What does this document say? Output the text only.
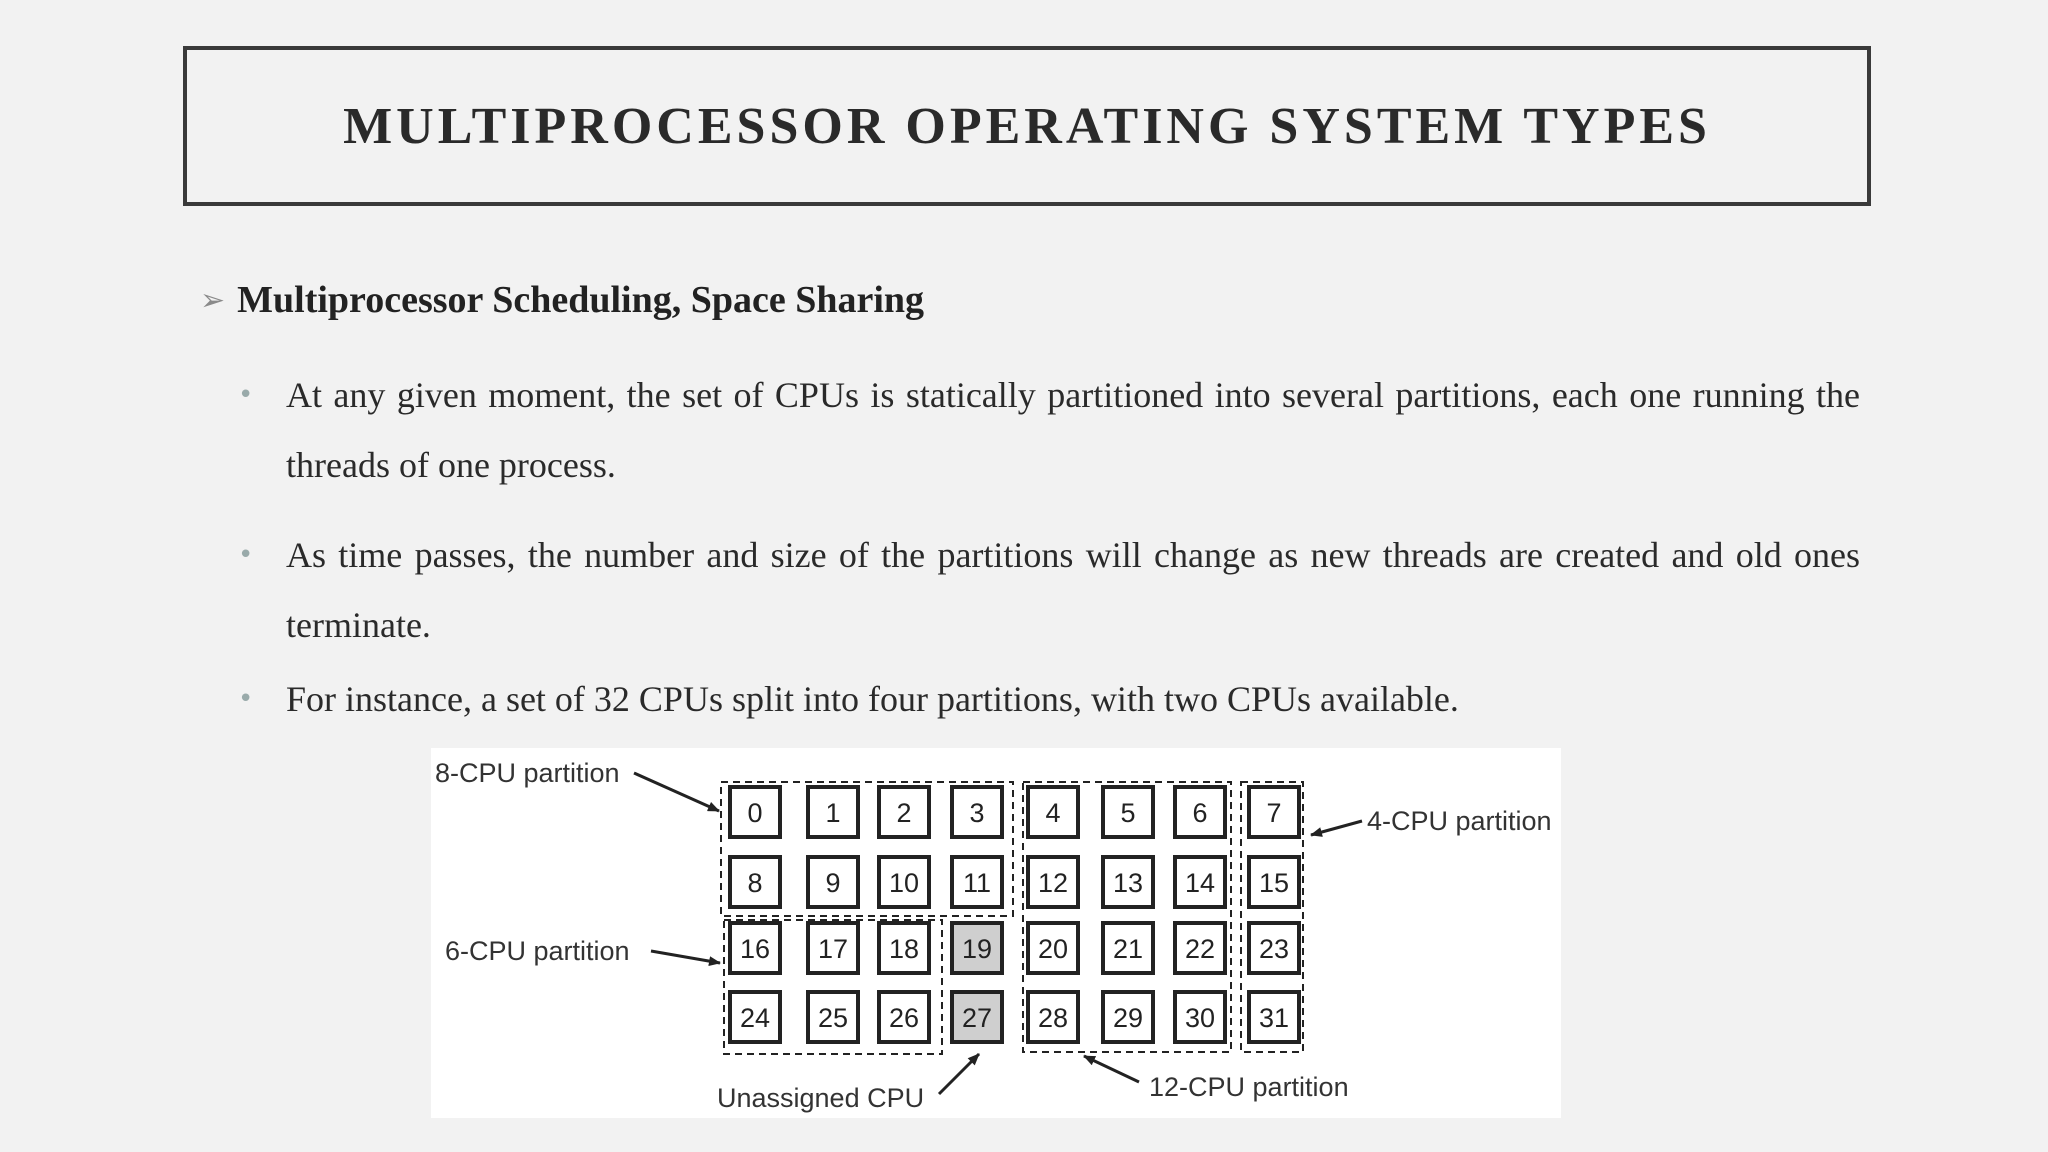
MULTIPROCESSOR OPERATING SYSTEM TYPES
➢ Multiprocessor Scheduling, Space Sharing
• At any given moment, the set of CPUs is statically partitioned into several partitions, each one running the threads of one process.
• As time passes, the number and size of the partitions will change as new threads are created and old ones terminate.
• For instance, a set of 32 CPUs split into four partitions, with two CPUs available.
0 1 2 3 4 5 6 7
8 9 10 11 12 13 14 15
16 17 18 19 20 21 22 23
24 25 26 27 28 29 30 31
8-CPU partition
4-CPU partition
6-CPU partition
12-CPU partition
Unassigned CPU
